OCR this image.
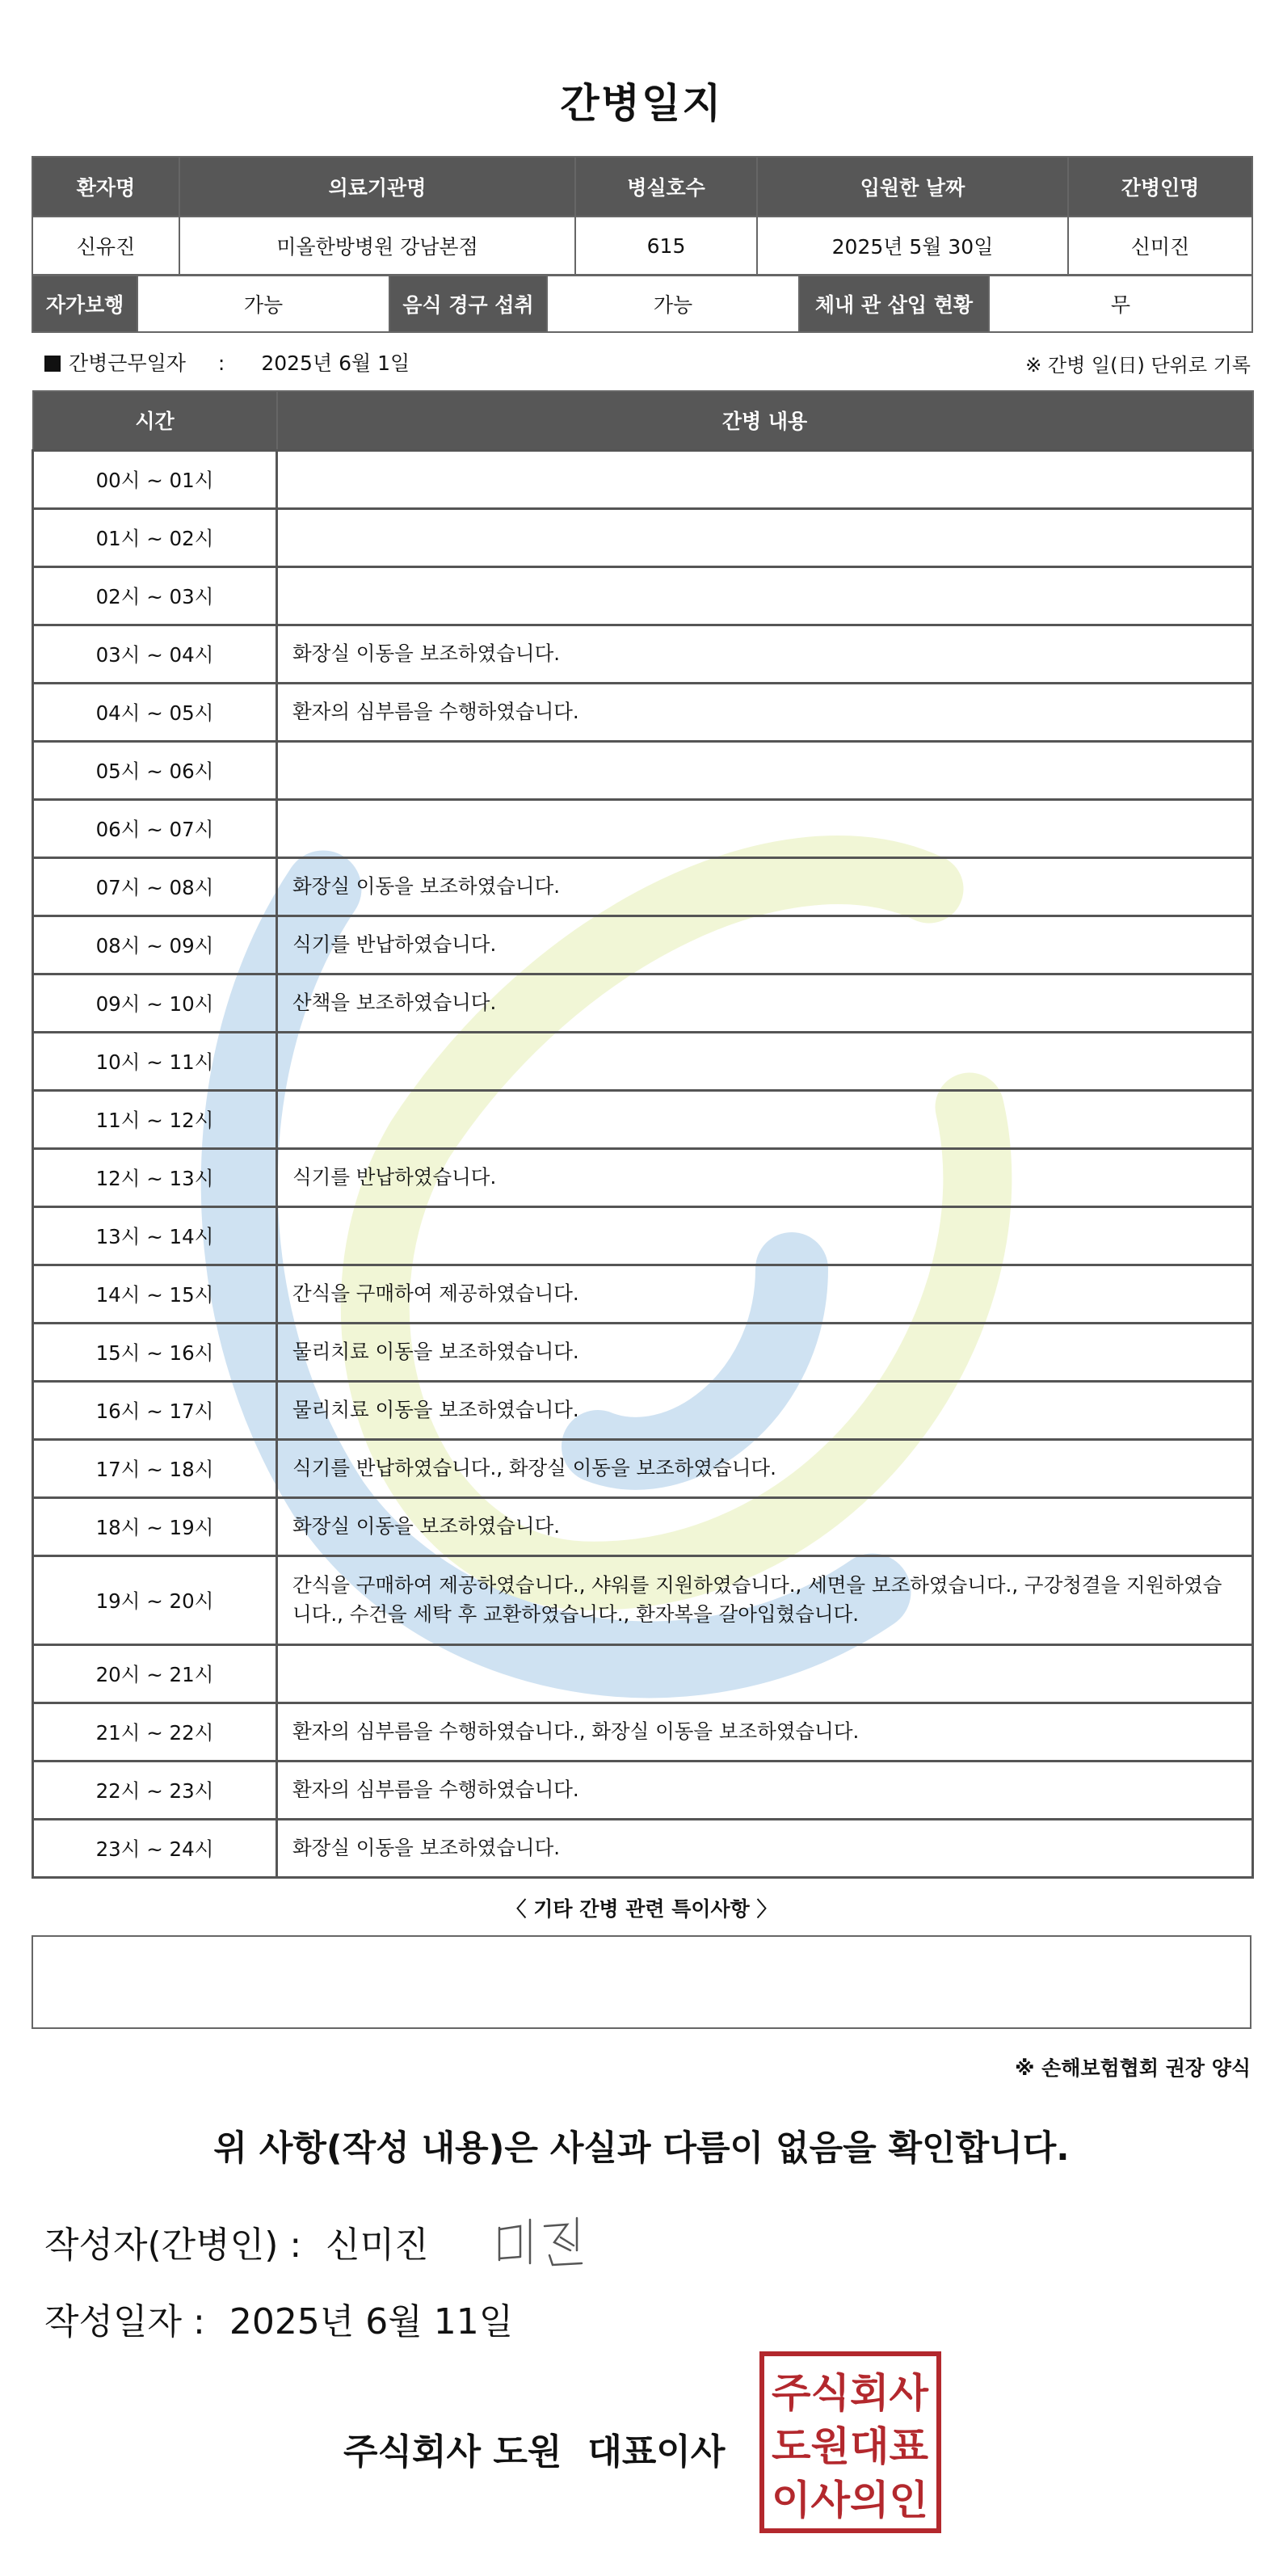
간병일지
환자명	의료기관명	병실호수	입원한 날짜	간병인명
신유진	미올한방병원 강남본점	615	2025년 5월 30일	신미진
자가보행	가능	음식 경구 섭취	가능	체내 관 삽입 현황	무
간병근무일자 : 2025년 6월 1일	※ 간병 일(日) 단위로 기록
시간	간병 내용
00시 ~ 01시	
01시 ~ 02시	
02시 ~ 03시	
03시 ~ 04시	화장실 이동을 보조하였습니다.
04시 ~ 05시	환자의 심부름을 수행하였습니다.
05시 ~ 06시	
06시 ~ 07시	
07시 ~ 08시	화장실 이동을 보조하였습니다.
08시 ~ 09시	식기를 반납하였습니다.
09시 ~ 10시	산책을 보조하였습니다.
10시 ~ 11시	
11시 ~ 12시	
12시 ~ 13시	식기를 반납하였습니다.
13시 ~ 14시	
14시 ~ 15시	간식을 구매하여 제공하였습니다.
15시 ~ 16시	물리치료 이동을 보조하였습니다.
16시 ~ 17시	물리치료 이동을 보조하였습니다.
17시 ~ 18시	식기를 반납하였습니다., 화장실 이동을 보조하였습니다.
18시 ~ 19시	화장실 이동을 보조하였습니다.
19시 ~ 20시	간식을 구매하여 제공하였습니다., 샤워를 지원하였습니다., 세면을 보조하였습니다., 구강청결을 지원하였습니다., 수건을 세탁 후 교환하였습니다., 환자복을 갈아입혔습니다.
20시 ~ 21시	
21시 ~ 22시	환자의 심부름을 수행하였습니다., 화장실 이동을 보조하였습니다.
22시 ~ 23시	환자의 심부름을 수행하였습니다.
23시 ~ 24시	화장실 이동을 보조하였습니다.
〈 기타 간병 관련 특이사항 〉
※ 손해보험협회 권장 양식
위 사항(작성 내용)은 사실과 다름이 없음을 확인합니다.
작성자(간병인) : 신미진
작성일자 : 2025년 6월 11일
주식회사 도원 대표이사
주식회사
도원대표
이사의인
